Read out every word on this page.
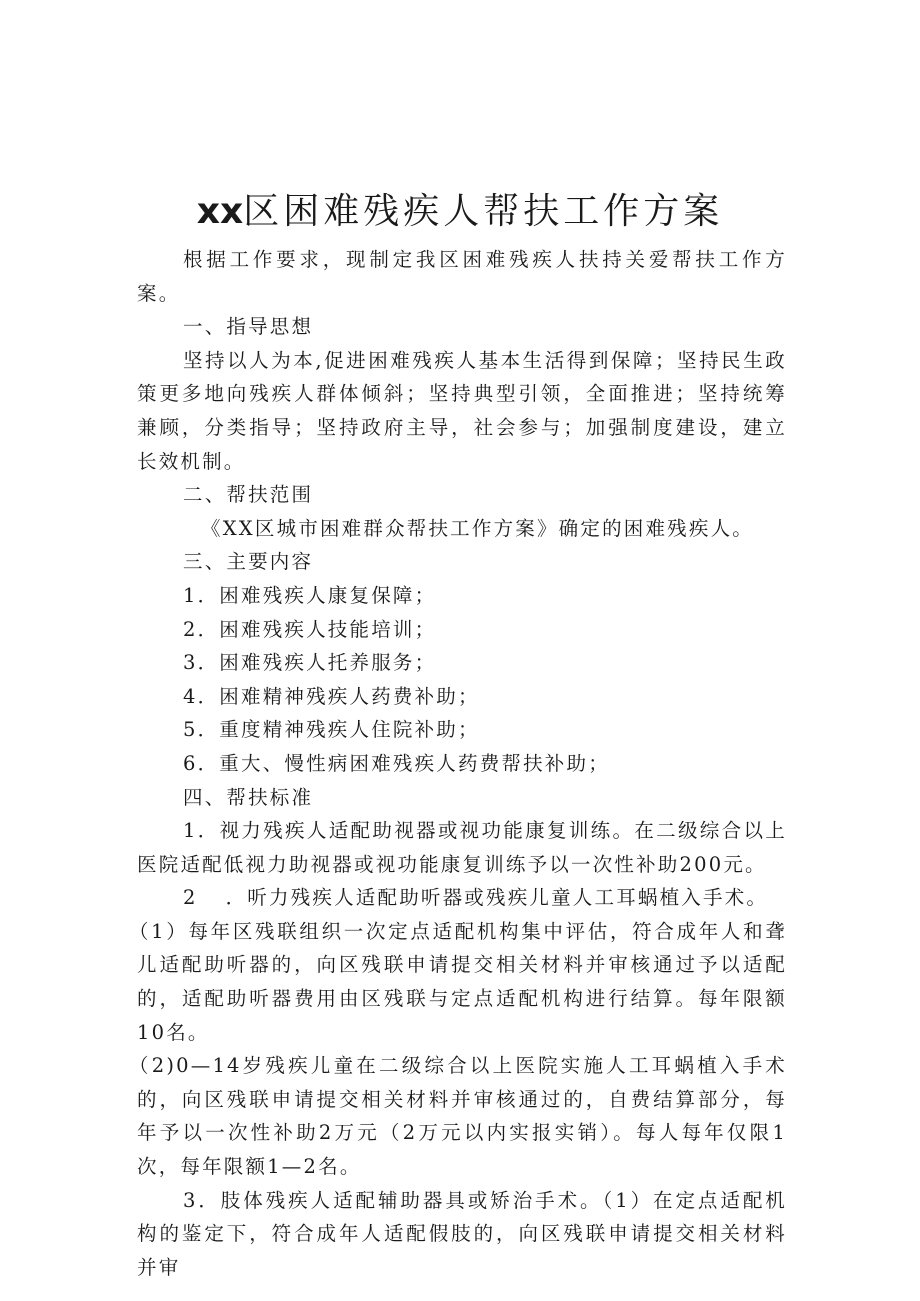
xx区困难残疾人帮扶工作方案

根据工作要求，现制定我区困难残疾人扶持关爱帮扶工作方案。

一、指导思想

坚持以人为本,促进困难残疾人基本生活得到保障；坚持民生政策更多地向残疾人群体倾斜；坚持典型引领，全面推进；坚持统筹兼顾，分类指导；坚持政府主导，社会参与；加强制度建设，建立长效机制。

二、帮扶范围

《XX区城市困难群众帮扶工作方案》确定的困难残疾人。

三、主要内容

1．困难残疾人康复保障；

2．困难残疾人技能培训；

3．困难残疾人托养服务；

4．困难精神残疾人药费补助；

5．重度精神残疾人住院补助；

6．重大、慢性病困难残疾人药费帮扶补助；

四、帮扶标准

1．视力残疾人适配助视器或视功能康复训练。在二级综合以上医院适配低视力助视器或视功能康复训练予以一次性补助200元。

2 ．听力残疾人适配助听器或残疾儿童人工耳蜗植入手术。

（1）每年区残联组织一次定点适配机构集中评估，符合成年人和聋儿适配助听器的，向区残联申请提交相关材料并审核通过予以适配的，适配助听器费用由区残联与定点适配机构进行结算。每年限额10名。

（2)0—14岁残疾儿童在二级综合以上医院实施人工耳蜗植入手术的，向区残联申请提交相关材料并审核通过的，自费结算部分，每年予以一次性补助2万元（2万元以内实报实销）。每人每年仅限1次，每年限额1—2名。

3．肢体残疾人适配辅助器具或矫治手术。（1）在定点适配机构的鉴定下，符合成年人适配假肢的，向区残联申请提交相关材料并审
